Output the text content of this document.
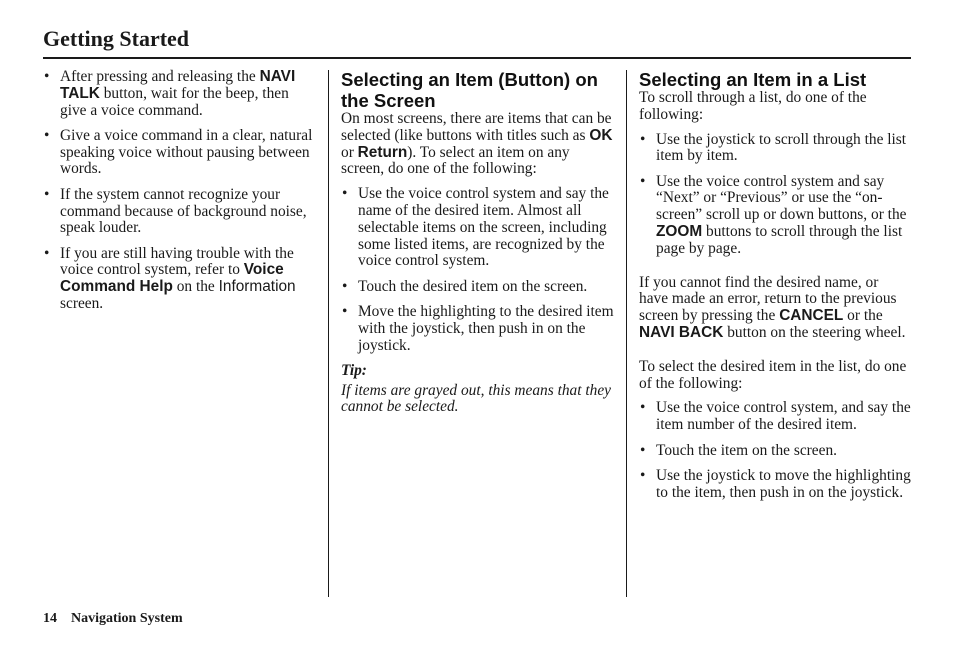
Getting Started
• After pressing and releasing the NAVI TALK button, wait for the beep, then give a voice command.
• Give a voice command in a clear, natural speaking voice without pausing between words.
• If the system cannot recognize your command because of background noise, speak louder.
• If you are still having trouble with the voice control system, refer to Voice Command Help on the Information screen.
Selecting an Item (Button) on the Screen

On most screens, there are items that can be selected (like buttons with titles such as OK or Return). To select an item on any screen, do one of the following:

• Use the voice control system and say the name of the desired item. Almost all selectable items on the screen, including some listed items, are recognized by the voice control system.
• Touch the desired item on the screen.
• Move the highlighting to the desired item with the joystick, then push in on the joystick.

Tip:

If items are grayed out, this means that they cannot be selected.

Selecting an Item in a List

To scroll through a list, do one of the following:

• Use the joystick to scroll through the list item by item.
• Use the voice control system and say “Next” or “Previous” or use the “on-screen” scroll up or down buttons, or the ZOOM buttons to scroll through the list page by page.

If you cannot find the desired name, or have made an error, return to the previous screen by pressing the CANCEL or the NAVI BACK button on the steering wheel.

To select the desired item in the list, do one of the following:

• Use the voice control system, and say the item number of the desired item.
• Touch the item on the screen.
• Use the joystick to move the highlighting to the item, then push in on the joystick.
14 Navigation System
